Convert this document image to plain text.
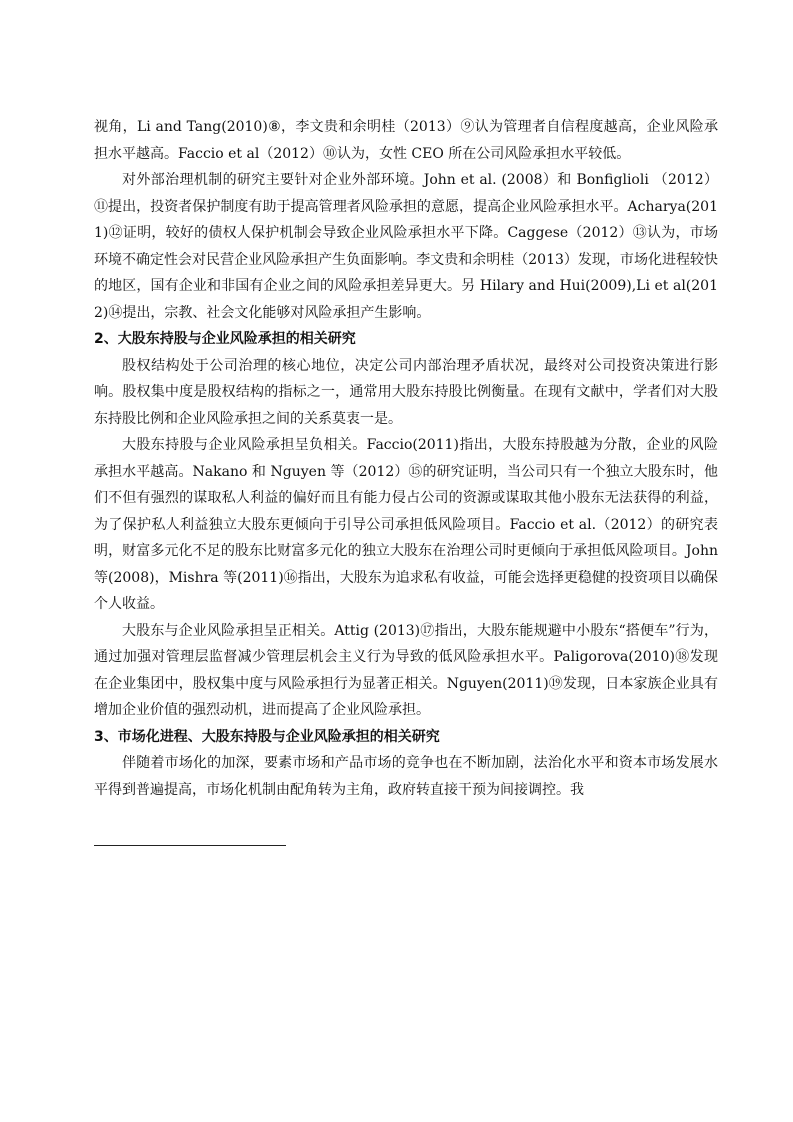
视角，Li and Tang(2010)⑧，李文贵和余明桂（2013）⑨认为管理者自信程度越高，企业风险承担水平越高。Faccio et al（2012）⑩认为，女性 CEO 所在公司风险承担水平较低。

对外部治理机制的研究主要针对企业外部环境。John et al. (2008）和 Bonfiglioli （2012）⑪提出，投资者保护制度有助于提高管理者风险承担的意愿，提高企业风险承担水平。Acharya(2011)⑫证明，较好的债权人保护机制会导致企业风险承担水平下降。Caggese（2012）⑬认为，市场环境不确定性会对民营企业风险承担产生负面影响。李文贵和余明桂（2013）发现，市场化进程较快的地区，国有企业和非国有企业之间的风险承担差异更大。另 Hilary and Hui(2009),Li et al(2012)⑭提出，宗教、社会文化能够对风险承担产生影响。

2、大股东持股与企业风险承担的相关研究

股权结构处于公司治理的核心地位，决定公司内部治理矛盾状况，最终对公司投资决策进行影响。股权集中度是股权结构的指标之一，通常用大股东持股比例衡量。在现有文献中，学者们对大股东持股比例和企业风险承担之间的关系莫衷一是。

大股东持股与企业风险承担呈负相关。Faccio(2011)指出，大股东持股越为分散，企业的风险承担水平越高。Nakano 和 Nguyen 等（2012）⑮的研究证明，当公司只有一个独立大股东时，他们不但有强烈的谋取私人利益的偏好而且有能力侵占公司的资源或谋取其他小股东无法获得的利益，为了保护私人利益独立大股东更倾向于引导公司承担低风险项目。Faccio et al.（2012）的研究表明，财富多元化不足的股东比财富多元化的独立大股东在治理公司时更倾向于承担低风险项目。John 等(2008)，Mishra 等(2011)⑯指出，大股东为追求私有收益，可能会选择更稳健的投资项目以确保个人收益。

大股东与企业风险承担呈正相关。Attig (2013)⑰指出，大股东能规避中小股东“搭便车”行为，通过加强对管理层监督减少管理层机会主义行为导致的低风险承担水平。Paligorova(2010)⑱发现在企业集团中，股权集中度与风险承担行为显著正相关。Nguyen(2011)⑲发现，日本家族企业具有增加企业价值的强烈动机，进而提高了企业风险承担。

3、市场化进程、大股东持股与企业风险承担的相关研究

伴随着市场化的加深，要素市场和产品市场的竞争也在不断加剧，法治化水平和资本市场发展水平得到普遍提高，市场化机制由配角转为主角，政府转直接干预为间接调控。我
